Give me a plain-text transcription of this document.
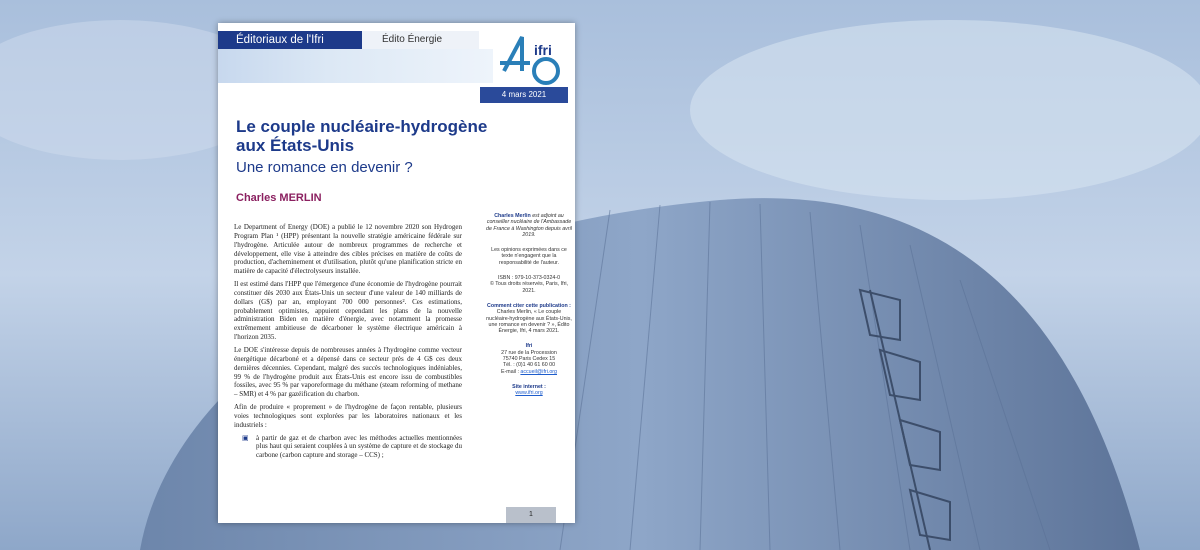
Éditoriaux de l'Ifri	Édito Énergie
ifri
4 mars 2021
Le couple nucléaire-hydrogène aux États-Unis
Une romance en devenir ?
Charles MERLIN

Le Department of Energy (DOE) a publié le 12 novembre 2020 son Hydrogen Program Plan ¹ (HPP) présentant la nouvelle stratégie américaine fédérale sur l'hydrogène. Articulée autour de nombreux programmes de recherche et développement, elle vise à atteindre des cibles précises en matière de coûts de production, d'acheminement et d'utilisation, plutôt qu'une planification stricte en matière de capacité d'électrolyseurs installée.

Il est estimé dans l'HPP que l'émergence d'une économie de l'hydrogène pourrait constituer dès 2030 aux États-Unis un secteur d'une valeur de 140 milliards de dollars (G$) par an, employant 700 000 personnes². Ces estimations, probablement optimistes, appuient cependant les plans de la nouvelle administration Biden en matière d'énergie, avec notamment la promesse extrêmement ambitieuse de décarboner le système électrique américain à l'horizon 2035.

Le DOE s'intéresse depuis de nombreuses années à l'hydrogène comme vecteur énergétique décarboné et a dépensé dans ce secteur près de 4 G$ ces deux dernières décennies. Cependant, malgré des succès technologiques indéniables, 99 % de l'hydrogène produit aux États-Unis est encore issu de combustibles fossiles, avec 95 % par vaporeformage du méthane (steam reforming of methane – SMR) et 4 % par gazéification du charbon.

Afin de produire « proprement » de l'hydrogène de façon rentable, plusieurs voies technologiques sont explorées par les laboratoires nationaux et les industriels :

▣ à partir de gaz et de charbon avec les méthodes actuelles mentionnées plus haut qui seraient couplées à un système de capture et de stockage du carbone (carbon capture and storage – CCS) ;
Charles Merlin est adjoint au conseiller nucléaire de l'Ambassade de France à Washington depuis avril 2019.
Les opinions exprimées dans ce texte n'engagent que la responsabilité de l'auteur.
ISBN : 979-10-373-0324-0
© Tous droits réservés, Paris, Ifri, 2021.
Comment citer cette publication :
Charles Merlin, « Le couple nucléaire-hydrogène aux États-Unis, une romance en devenir ? », Édito Énergie, Ifri, 4 mars 2021.
Ifri
27 rue de la Procession
75740 Paris Cedex 15
Tél. : (0)1 40 61 60 00
E-mail : accueil@ifri.org
Site internet :
www.ifri.org
1
